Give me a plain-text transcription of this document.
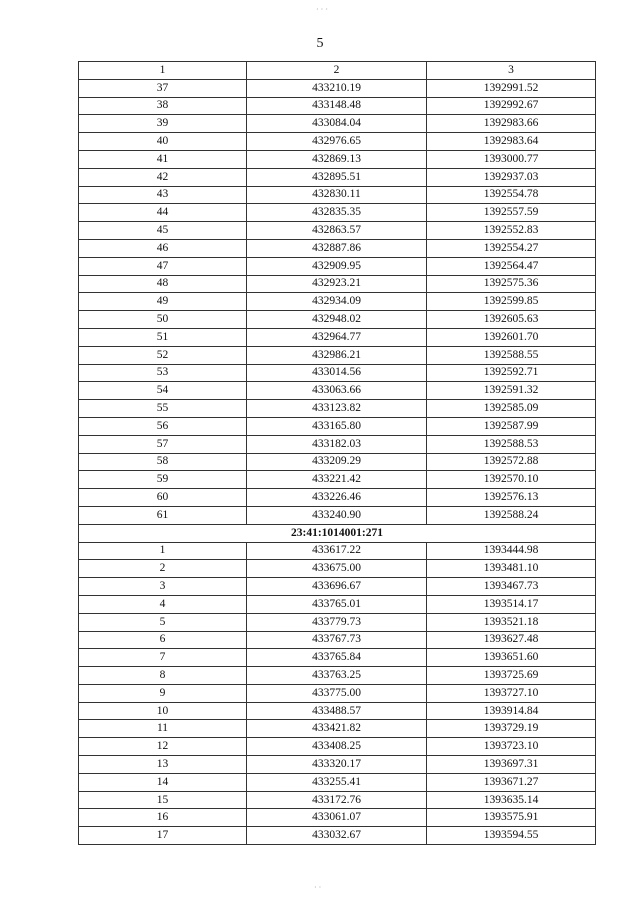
5
1	2	3
37	433210.19	1392991.52
38	433148.48	1392992.67
39	433084.04	1392983.66
40	432976.65	1392983.64
41	432869.13	1393000.77
42	432895.51	1392937.03
43	432830.11	1392554.78
44	432835.35	1392557.59
45	432863.57	1392552.83
46	432887.86	1392554.27
47	432909.95	1392564.47
48	432923.21	1392575.36
49	432934.09	1392599.85
50	432948.02	1392605.63
51	432964.77	1392601.70
52	432986.21	1392588.55
53	433014.56	1392592.71
54	433063.66	1392591.32
55	433123.82	1392585.09
56	433165.80	1392587.99
57	433182.03	1392588.53
58	433209.29	1392572.88
59	433221.42	1392570.10
60	433226.46	1392576.13
61	433240.90	1392588.24
23:41:1014001:271		
1	433617.22	1393444.98
2	433675.00	1393481.10
3	433696.67	1393467.73
4	433765.01	1393514.17
5	433779.73	1393521.18
6	433767.73	1393627.48
7	433765.84	1393651.60
8	433763.25	1393725.69
9	433775.00	1393727.10
10	433488.57	1393914.84
11	433421.82	1393729.19
12	433408.25	1393723.10
13	433320.17	1393697.31
14	433255.41	1393671.27
15	433172.76	1393635.14
16	433061.07	1393575.91
17	433032.67	1393594.55
· · ·
· ·
